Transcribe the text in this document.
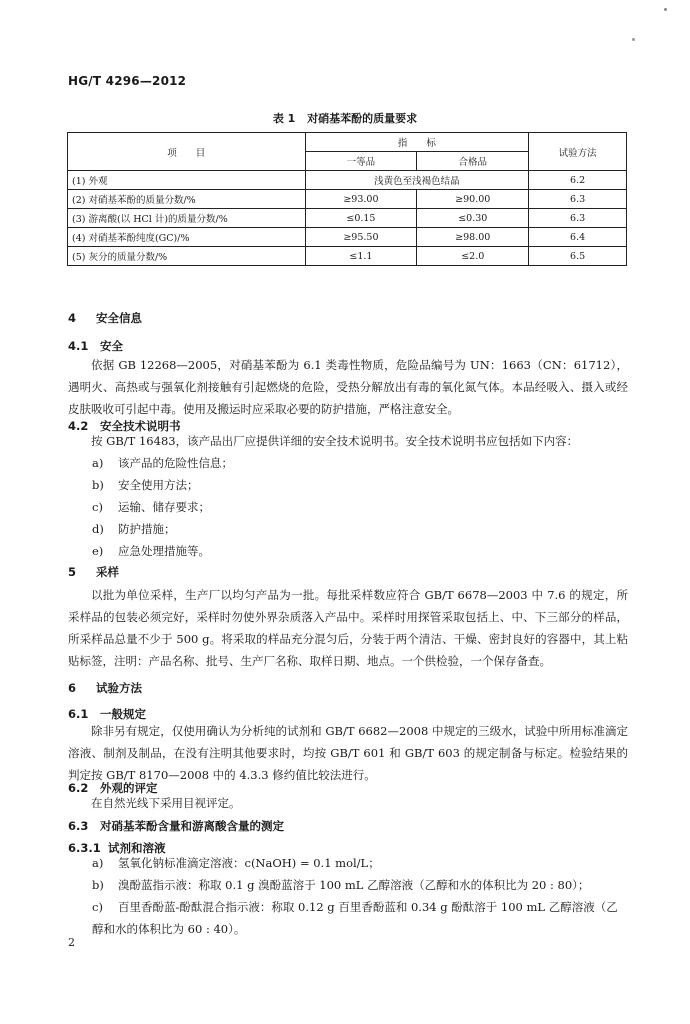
HG/T 4296—2012
表 1 对硝基苯酚的质量要求
项　　目	指　　标		试验方法
	一等品	合格品	
(1) 外观	浅黄色至浅褐色结晶		6.2
(2) 对硝基苯酚的质量分数/%	≥93.00	≥90.00	6.3
(3) 游离酸(以 HCl 计)的质量分数/%	≤0.15	≤0.30	6.3
(4) 对硝基苯酚纯度(GC)/%	≥95.50	≥98.00	6.4
(5) 灰分的质量分数/%	≤1.1	≤2.0	6.5
4 安全信息
4.1 安全
依据 GB 12268—2005，对硝基苯酚为 6.1 类毒性物质，危险品编号为 UN：1663（CN：61712），遇明火、高热或与强氧化剂接触有引起燃烧的危险，受热分解放出有毒的氧化氮气体。本品经吸入、摄入或经皮肤吸收可引起中毒。使用及搬运时应采取必要的防护措施，严格注意安全。
4.2 安全技术说明书
按 GB/T 16483，该产品出厂应提供详细的安全技术说明书。安全技术说明书应包括如下内容：
a) 该产品的危险性信息；
b) 安全使用方法；
c) 运输、储存要求；
d) 防护措施；
e) 应急处理措施等。
5 采样
以批为单位采样，生产厂以均匀产品为一批。每批采样数应符合 GB/T 6678—2003 中 7.6 的规定，所采样品的包装必须完好，采样时勿使外界杂质落入产品中。采样时用探管采取包括上、中、下三部分的样品，所采样品总量不少于 500 g。将采取的样品充分混匀后，分装于两个清洁、干燥、密封良好的容器中，其上粘贴标签，注明：产品名称、批号、生产厂名称、取样日期、地点。一个供检验，一个保存备查。
6 试验方法
6.1 一般规定
除非另有规定，仅使用确认为分析纯的试剂和 GB/T 6682—2008 中规定的三级水，试验中所用标准滴定溶液、制剂及制品，在没有注明其他要求时，均按 GB/T 601 和 GB/T 603 的规定制备与标定。检验结果的判定按 GB/T 8170—2008 中的 4.3.3 修约值比较法进行。
6.2 外观的评定
在自然光线下采用目视评定。
6.3 对硝基苯酚含量和游离酸含量的测定
6.3.1 试剂和溶液
a) 氢氧化钠标准滴定溶液：c(NaOH) = 0.1 mol/L；
b) 溴酚蓝指示液：称取 0.1 g 溴酚蓝溶于 100 mL 乙醇溶液（乙醇和水的体积比为 20 : 80）；
c) 百里香酚蓝-酚酞混合指示液：称取 0.12 g 百里香酚蓝和 0.34 g 酚酞溶于 100 mL 乙醇溶液（乙醇和水的体积比为 60 : 40）。
2
